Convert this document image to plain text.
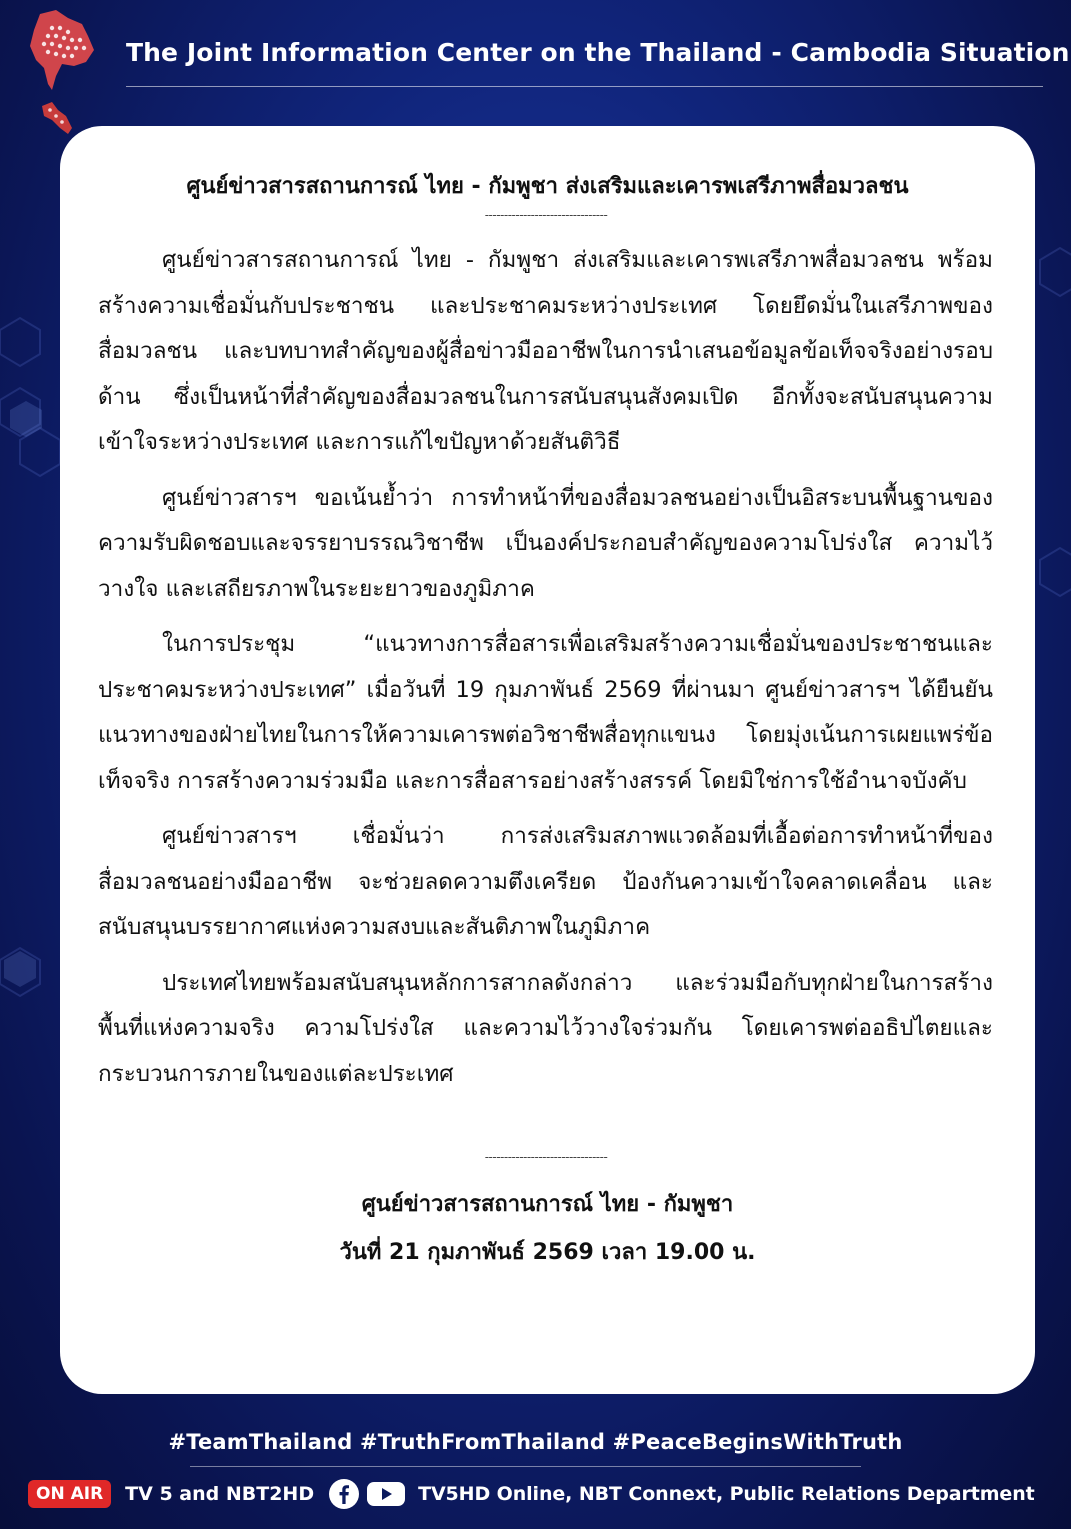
The Joint Information Center on the Thailand - Cambodia Situation
ศูนย์ข่าวสารสถานการณ์ ไทย - กัมพูชา ส่งเสริมและเคารพเสรีภาพสื่อมวลชน
--------------------------------

ศูนย์ข่าวสารสถานการณ์ ไทย - กัมพูชา ส่งเสริมและเคารพเสรีภาพสื่อมวลชน พร้อมสร้างความเชื่อมั่นกับประชาชน และประชาคมระหว่างประเทศ โดยยึดมั่นในเสรีภาพของสื่อมวลชน และบทบาทสำคัญของผู้สื่อข่าวมืออาชีพในการนำเสนอข้อมูลข้อเท็จจริงอย่างรอบด้าน ซึ่งเป็นหน้าที่สำคัญของสื่อมวลชนในการสนับสนุนสังคมเปิด อีกทั้งจะสนับสนุนความเข้าใจระหว่างประเทศ และการแก้ไขปัญหาด้วยสันติวิธี

ศูนย์ข่าวสารฯ ขอเน้นย้ำว่า การทำหน้าที่ของสื่อมวลชนอย่างเป็นอิสระบนพื้นฐานของความรับผิดชอบและจรรยาบรรณวิชาชีพ เป็นองค์ประกอบสำคัญของความโปร่งใส ความไว้วางใจ และเสถียรภาพในระยะยาวของภูมิภาค

ในการประชุม “แนวทางการสื่อสารเพื่อเสริมสร้างความเชื่อมั่นของประชาชนและประชาคมระหว่างประเทศ” เมื่อวันที่ 19 กุมภาพันธ์ 2569 ที่ผ่านมา ศูนย์ข่าวสารฯ ได้ยืนยันแนวทางของฝ่ายไทยในการให้ความเคารพต่อวิชาชีพสื่อทุกแขนง โดยมุ่งเน้นการเผยแพร่ข้อเท็จจริง การสร้างความร่วมมือ และการสื่อสารอย่างสร้างสรรค์ โดยมิใช่การใช้อำนาจบังคับ

ศูนย์ข่าวสารฯ เชื่อมั่นว่า การส่งเสริมสภาพแวดล้อมที่เอื้อต่อการทำหน้าที่ของสื่อมวลชนอย่างมืออาชีพ จะช่วยลดความตึงเครียด ป้องกันความเข้าใจคลาดเคลื่อน และสนับสนุนบรรยากาศแห่งความสงบและสันติภาพในภูมิภาค

ประเทศไทยพร้อมสนับสนุนหลักการสากลดังกล่าว และร่วมมือกับทุกฝ่ายในการสร้างพื้นที่แห่งความจริง ความโปร่งใส และความไว้วางใจร่วมกัน โดยเคารพต่ออธิปไตยและกระบวนการภายในของแต่ละประเทศ

--------------------------------
ศูนย์ข่าวสารสถานการณ์ ไทย - กัมพูชา
วันที่ 21 กุมภาพันธ์ 2569 เวลา 19.00 น.
#TeamThailand #TruthFromThailand #PeaceBeginsWithTruth
ON AIR	TV 5 and NBT2HD	TV5HD Online, NBT Connext, Public Relations Department
